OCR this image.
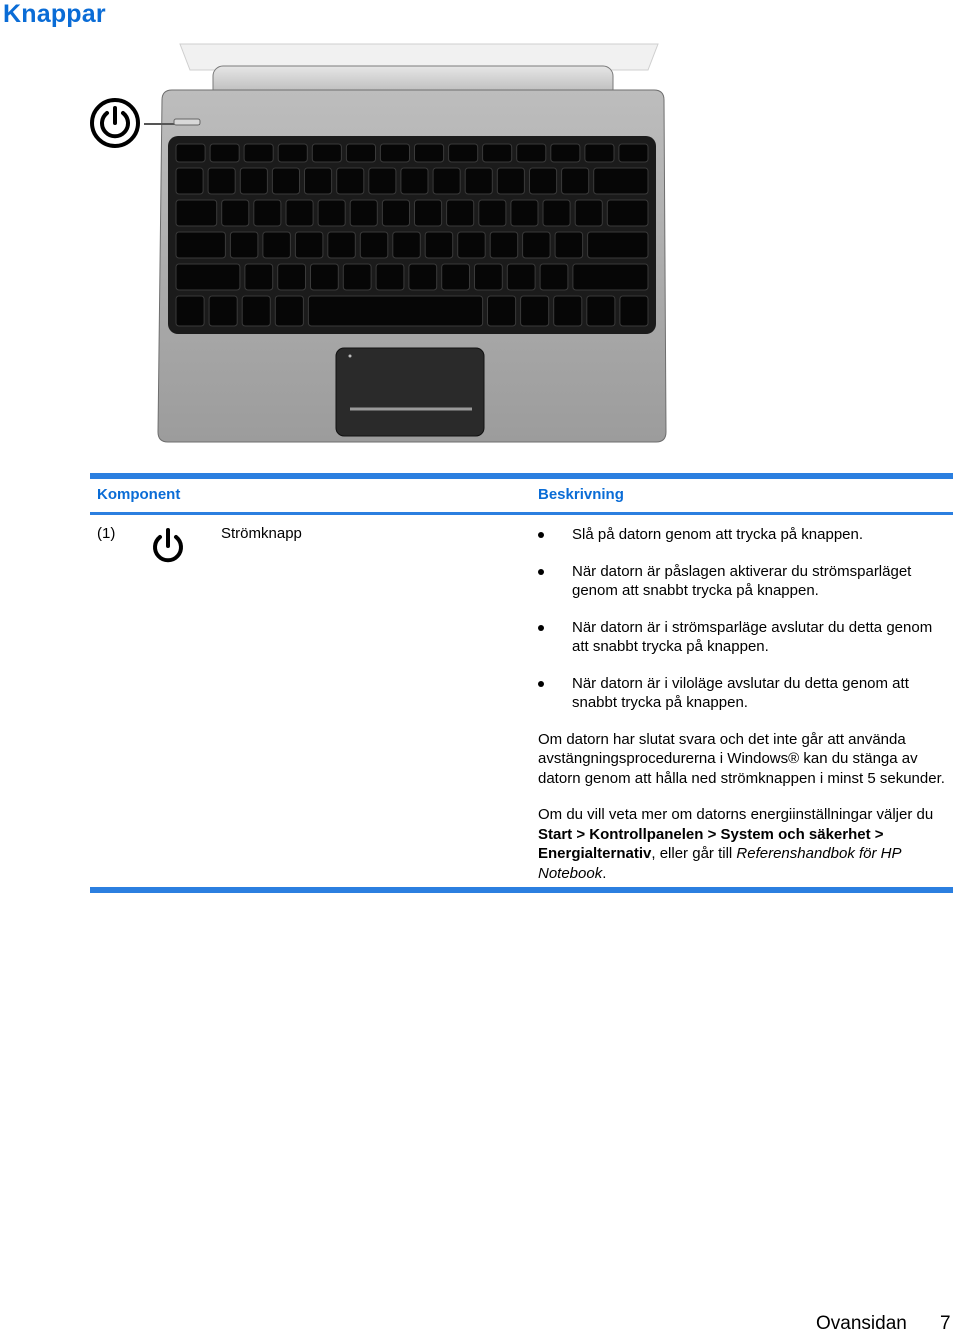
Knappar
Komponent	Beskrivning
(1)	Strömknapp	Slå på datorn genom att trycka på knappen.
När datorn är påslagen aktiverar du strömsparläget genom att snabbt trycka på knappen.
När datorn är i strömsparläge avslutar du detta genom att snabbt trycka på knappen.
När datorn är i viloläge avslutar du detta genom att snabbt trycka på knappen.

Om datorn har slutat svara och det inte går att använda avstängningsprocedurerna i Windows® kan du stänga av datorn genom att hålla ned strömknappen i minst 5 sekunder.

Om du vill veta mer om datorns energiinställningar väljer du Start > Kontrollpanelen > System och säkerhet > Energialternativ, eller går till Referenshandbok för HP Notebook.

Ovansidan 7
